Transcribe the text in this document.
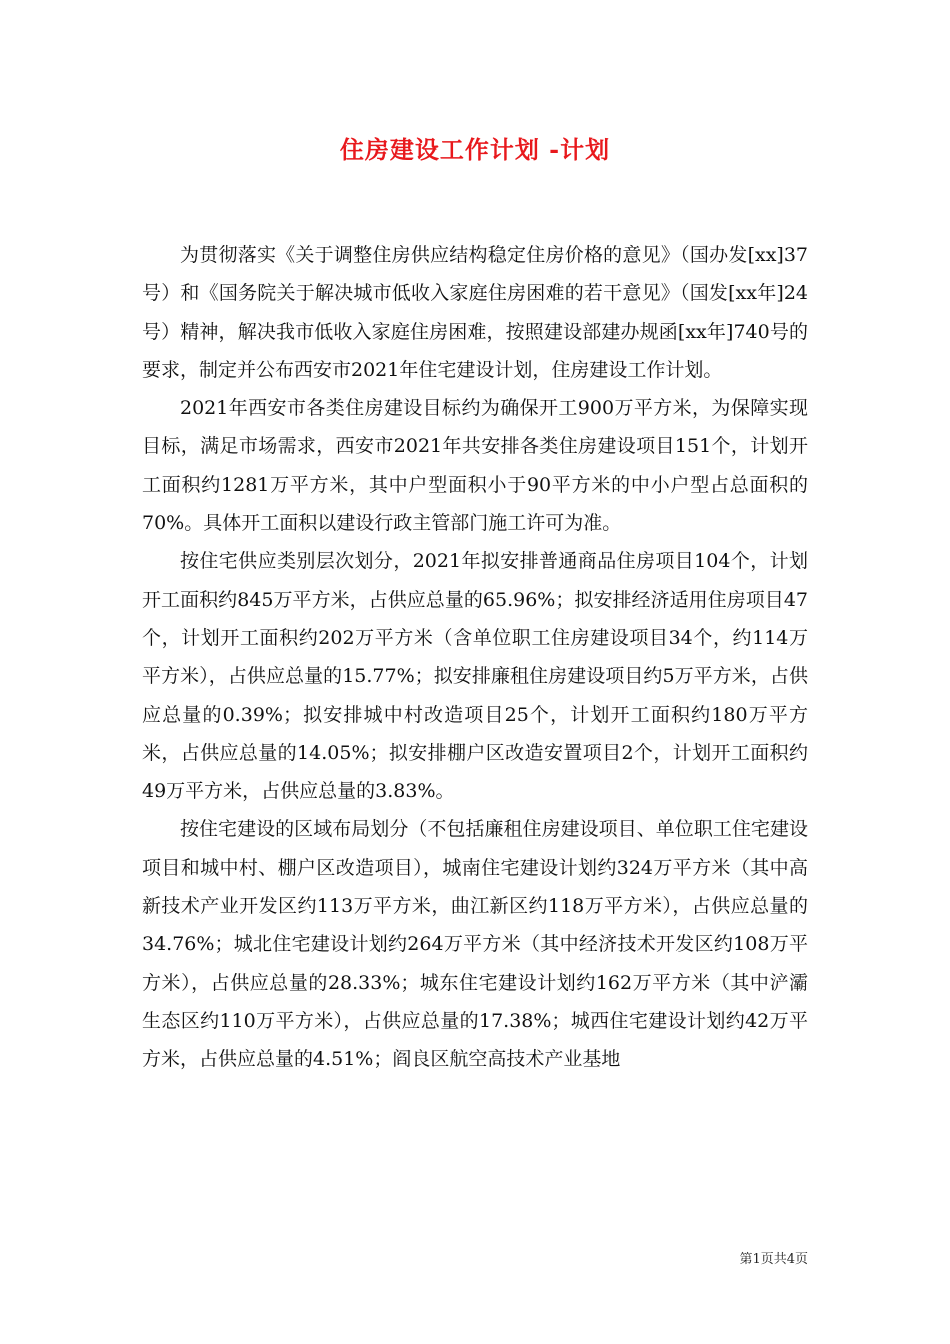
住房建设工作计划 -计划

为贯彻落实《关于调整住房供应结构稳定住房价格的意见》（国办发[xx]37号）和《国务院关于解决城市低收入家庭住房困难的若干意见》（国发[xx年]24号）精神，解决我市低收入家庭住房困难，按照建设部建办规函[xx年]740号的要求，制定并公布西安市2021年住宅建设计划，住房建设工作计划。

2021年西安市各类住房建设目标约为确保开工900万平方米，为保障实现目标，满足市场需求，西安市2021年共安排各类住房建设项目151个，计划开工面积约1281万平方米，其中户型面积小于90平方米的中小户型占总面积的70%。具体开工面积以建设行政主管部门施工许可为准。

按住宅供应类别层次划分，2021年拟安排普通商品住房项目104个，计划开工面积约845万平方米，占供应总量的65.96%；拟安排经济适用住房项目47个，计划开工面积约202万平方米（含单位职工住房建设项目34个，约114万平方米），占供应总量的15.77%；拟安排廉租住房建设项目约5万平方米，占供应总量的0.39%；拟安排城中村改造项目25个，计划开工面积约180万平方米，占供应总量的14.05%；拟安排棚户区改造安置项目2个，计划开工面积约49万平方米，占供应总量的3.83%。

按住宅建设的区域布局划分（不包括廉租住房建设项目、单位职工住宅建设项目和城中村、棚户区改造项目），城南住宅建设计划约324万平方米（其中高新技术产业开发区约113万平方米，曲江新区约118万平方米），占供应总量的34.76%；城北住宅建设计划约264万平方米（其中经济技术开发区约108万平方米），占供应总量的28.33%；城东住宅建设计划约162万平方米（其中浐灞生态区约110万平方米），占供应总量的17.38%；城西住宅建设计划约42万平方米，占供应总量的4.51%；阎良区航空高技术产业基地

第1页共4页
